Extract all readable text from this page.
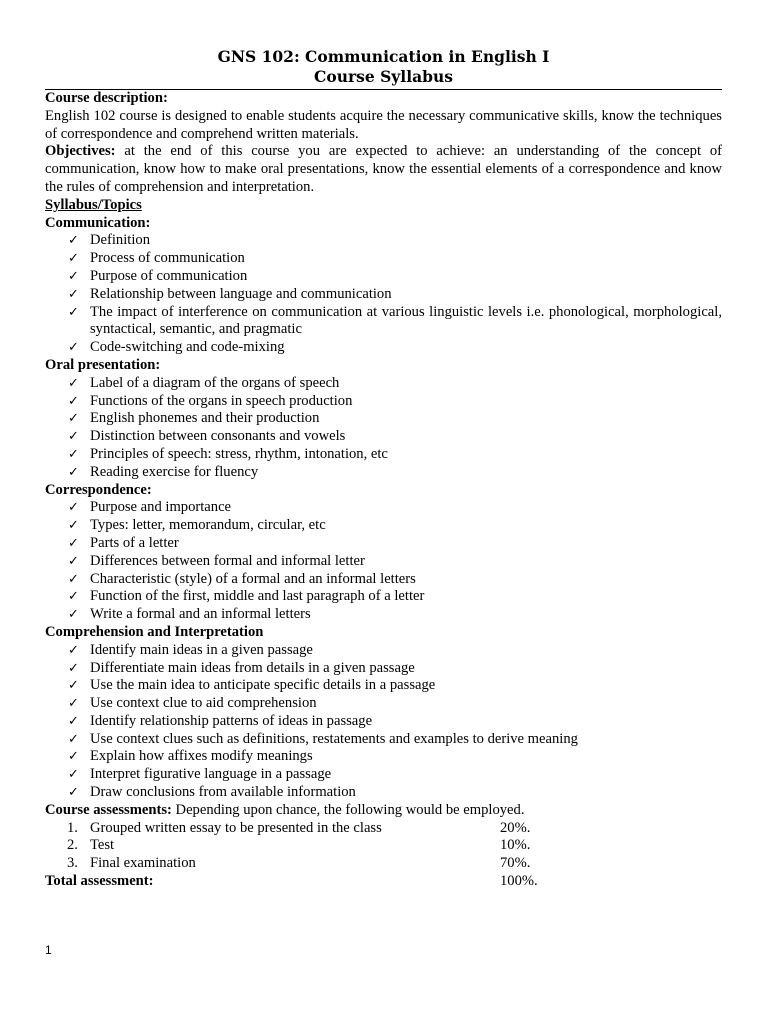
GNS 102: Communication in English I
Course Syllabus
Course description:

English 102 course is designed to enable students acquire the necessary communicative skills, know the techniques of correspondence and comprehend written materials.

Objectives: at the end of this course you are expected to achieve: an understanding of the concept of communication, know how to make oral presentations, know the essential elements of a correspondence and know the rules of comprehension and interpretation.

Syllabus/Topics
Communication:
✓ Definition
✓ Process of communication
✓ Purpose of communication
✓ Relationship between language and communication
✓ The impact of interference on communication at various linguistic levels i.e. phonological, morphological, syntactical, semantic, and pragmatic
✓ Code-switching and code-mixing
Oral presentation:
✓ Label of a diagram of the organs of speech
✓ Functions of the organs in speech production
✓ English phonemes and their production
✓ Distinction between consonants and vowels
✓ Principles of speech: stress, rhythm, intonation, etc
✓ Reading exercise for fluency
Correspondence:
✓ Purpose and importance
✓ Types: letter, memorandum, circular, etc
✓ Parts of a letter
✓ Differences between formal and informal letter
✓ Characteristic (style) of a formal and an informal letters
✓ Function of the first, middle and last paragraph of a letter
✓ Write a formal and an informal letters
Comprehension and Interpretation
✓ Identify main ideas in a given passage
✓ Differentiate main ideas from details in a given passage
✓ Use the main idea to anticipate specific details in a passage
✓ Use context clue to aid comprehension
✓ Identify relationship patterns of ideas in passage
✓ Use context clues such as definitions, restatements and examples to derive meaning
✓ Explain how affixes modify meanings
✓ Interpret figurative language in a passage
✓ Draw conclusions from available information

Course assessments: Depending upon chance, the following would be employed.

1. Grouped written essay to be presented in the class	20%.
2. Test	10%.
3. Final examination	70%.
Total assessment:	100%.
1
